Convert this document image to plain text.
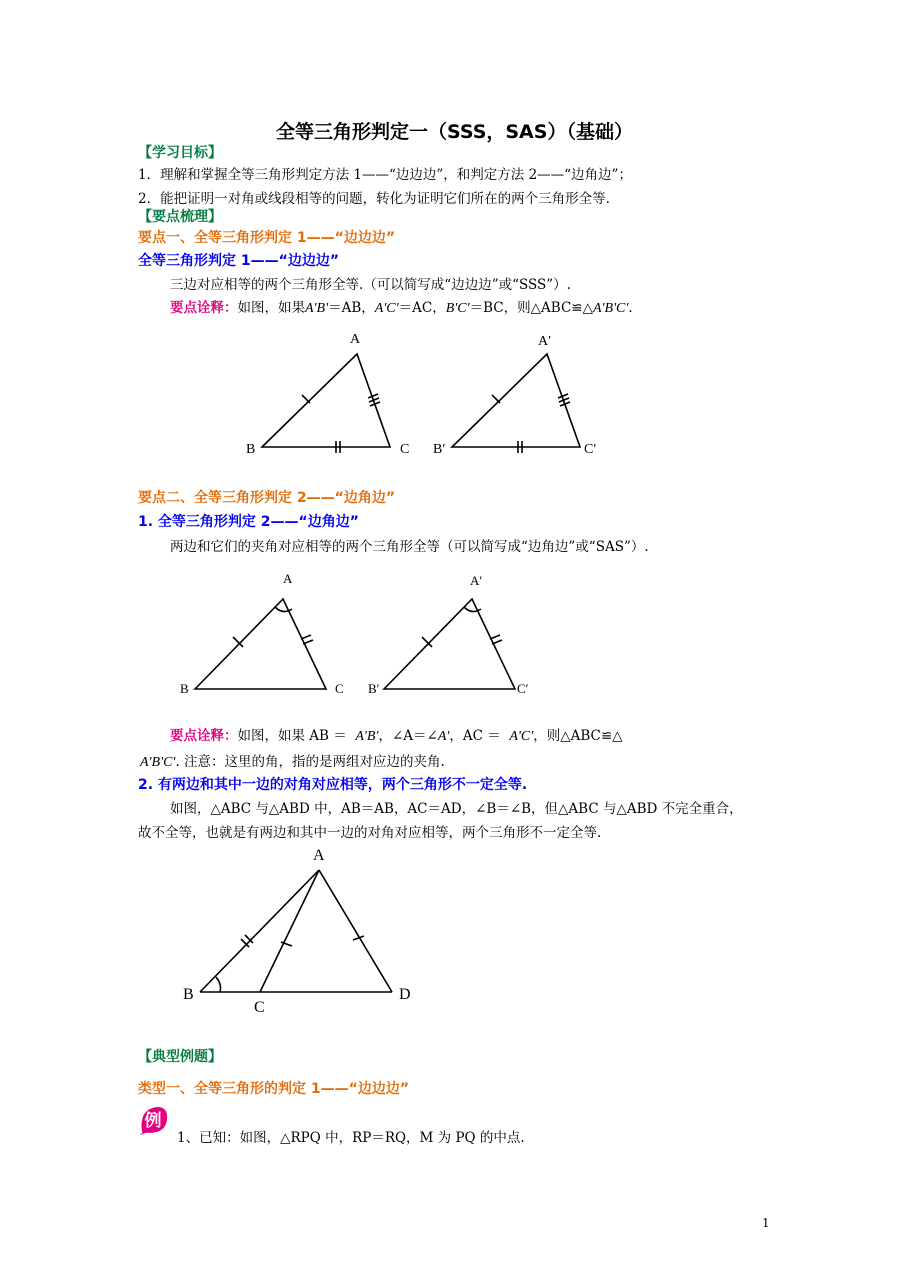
全等三角形判定一（SSS，SAS）（基础）
【学习目标】
1．理解和掌握全等三角形判定方法 1——“边边边”，和判定方法 2——“边角边”；
2．能把证明一对角或线段相等的问题，转化为证明它们所在的两个三角形全等.
【要点梳理】
要点一、全等三角形判定 1——“边边边”
全等三角形判定 1——“边边边”
三边对应相等的两个三角形全等.（可以简写成“边边边”或“SSS”）.
要点诠释：如图，如果A'B'＝AB，A'C'＝AC，B'C'＝BC，则△ABC≌△A'B'C'.
A
B	C
A′
B′	C′
要点二、全等三角形判定 2——“边角边”
1. 全等三角形判定 2——“边角边”
两边和它们的夹角对应相等的两个三角形全等（可以简写成“边角边”或“SAS”）.
A
B	C
A′
B′	C′
要点诠释：如图，如果 AB ＝ A'B'，∠A＝∠A'，AC ＝ A'C'，则△ABC≌△
A'B'C'. 注意：这里的角，指的是两组对应边的夹角.
2. 有两边和其中一边的对角对应相等，两个三角形不一定全等.
如图，△ABC 与△ABD 中，AB＝AB，AC＝AD，∠B＝∠B，但△ABC 与△ABD 不完全重合，
故不全等，也就是有两边和其中一边的对角对应相等，两个三角形不一定全等.
A
B
C
D
【典型例题】
类型一、全等三角形的判定 1——“边边边”
例
1、已知：如图，△RPQ 中，RP＝RQ，M 为 PQ 的中点.
1
